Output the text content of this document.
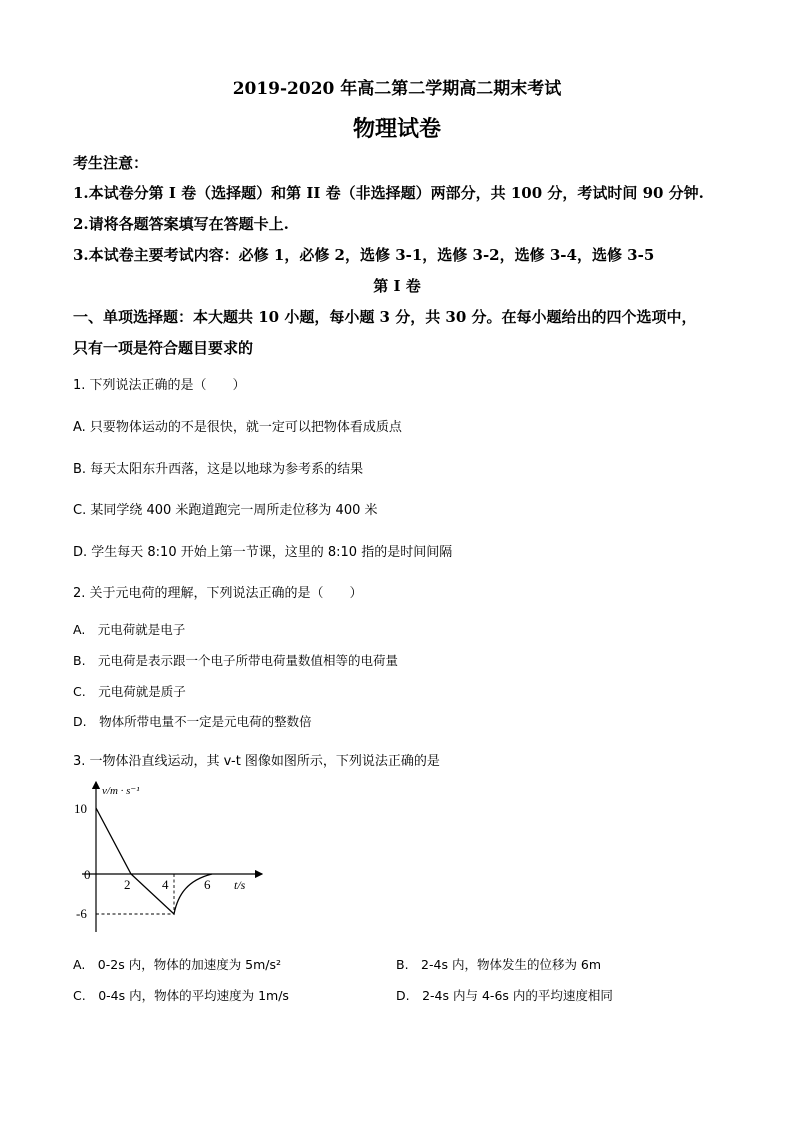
2019-2020 年高二第二学期高二期末考试
物理试卷
考生注意：
1.本试卷分第 I 卷（选择题）和第 II 卷（非选择题）两部分，共 100 分，考试时间 90 分钟.
2.请将各题答案填写在答题卡上.
3.本试卷主要考试内容：必修 1，必修 2，选修 3-1，选修 3-2，选修 3-4，选修 3-5
第 I 卷
一、单项选择题：本大题共 10 小题，每小题 3 分，共 30 分。在每小题给出的四个选项中，
只有一项是符合题目要求的
1. 下列说法正确的是（　　）
A. 只要物体运动的不是很快，就一定可以把物体看成质点
B. 每天太阳东升西落，这是以地球为参考系的结果
C. 某同学绕 400 米跑道跑完一周所走位移为 400 米
D. 学生每天 8:10 开始上第一节课，这里的 8:10 指的是时间间隔
2. 关于元电荷的理解，下列说法正确的是（　　）
A.　元电荷就是电子
B.　元电荷是表示跟一个电子所带电荷量数值相等的电荷量
C.　元电荷就是质子
D.　物体所带电量不一定是元电荷的整数倍
3. 一物体沿直线运动，其 v-t 图像如图所示，下列说法正确的是
v/m · s⁻¹
10
0
-6
2 4	6 t/s
A.　0-2s 内，物体的加速度为 5m/s²	B.　2-4s 内，物体发生的位移为 6m
C.　0-4s 内，物体的平均速度为 1m/s	D.　2-4s 内与 4-6s 内的平均速度相同
